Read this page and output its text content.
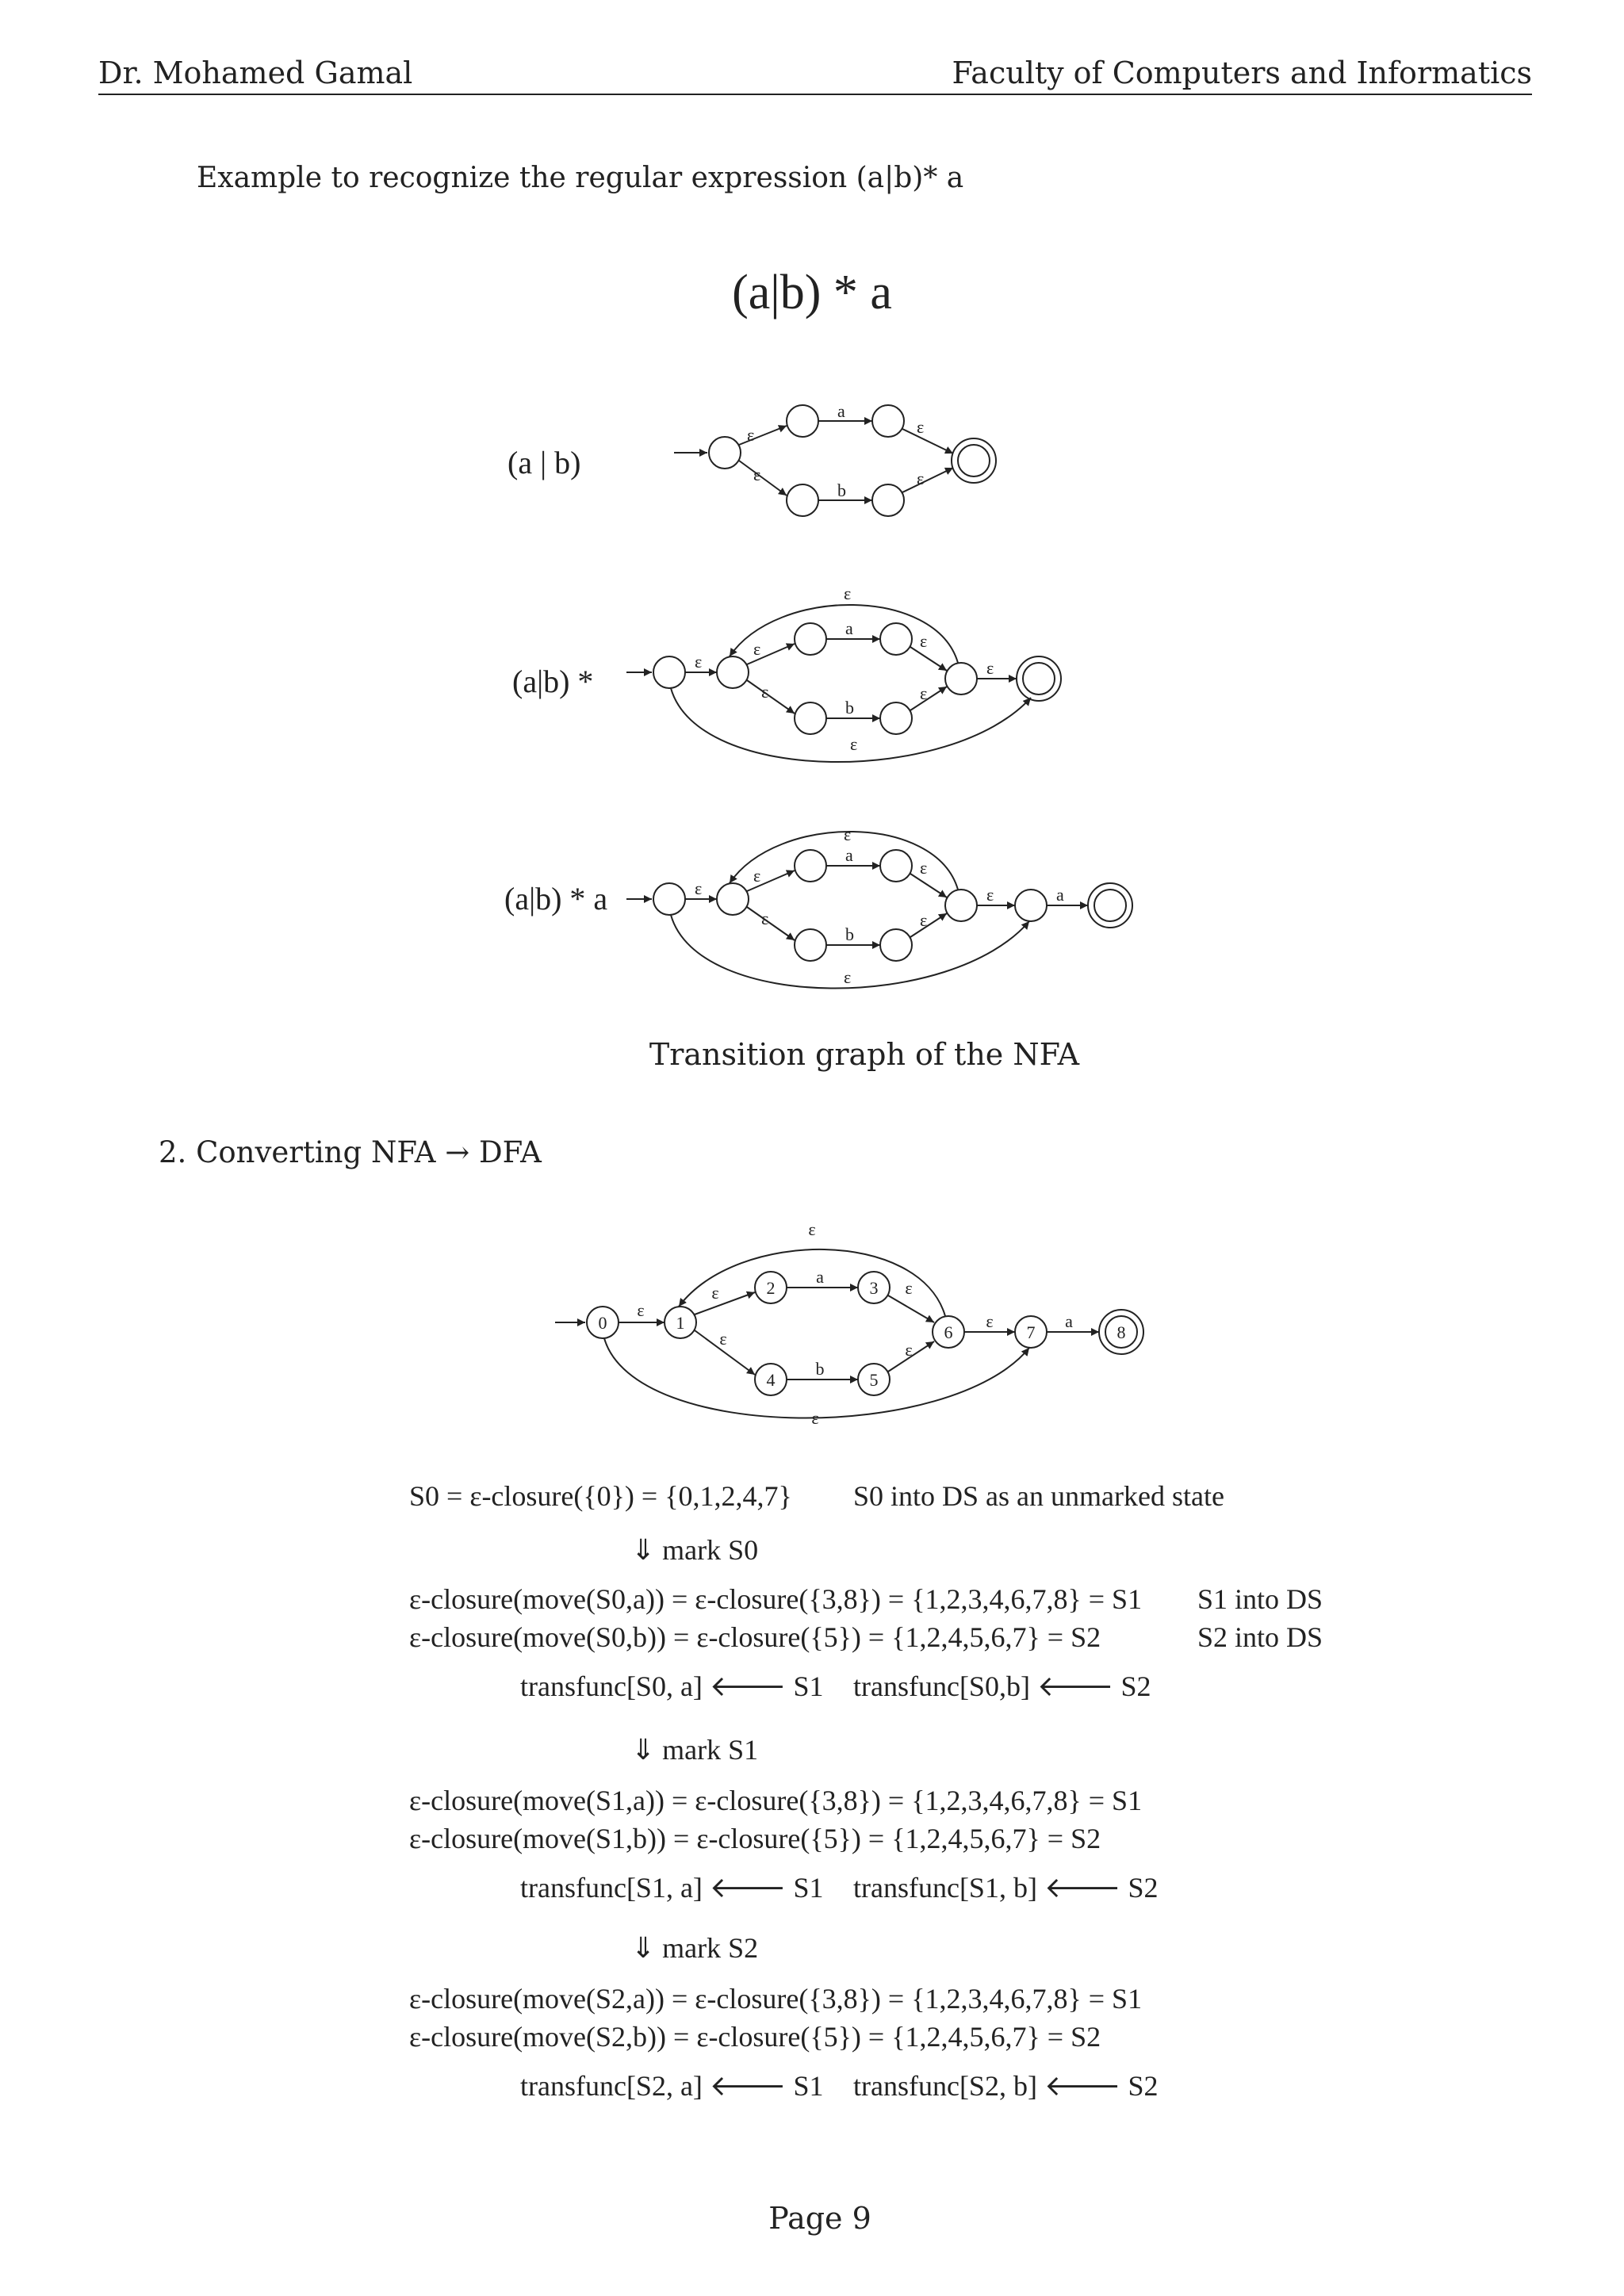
Dr. Mohamed Gamal	Faculty of Computers and Informatics
Example to recognize the regular expression (a|b)* a
(a|b) * a
(a | b)
(a|b) *
(a|b) * a
ε
ε
a
b
ε
ε
ε
ε
ε
ε
a
b
ε
ε
ε
ε
ε
ε
ε
ε
a
b
ε
ε
ε	a
ε
Transition graph of the NFA
2. Converting NFA → DFA
0	1
2	3
4	5
6	7	8
ε
ε
ε
ε
a
b
ε
ε
ε	a
ε
S0 = ε-closure({0}) = {0,1,2,4,7} S0 into DS as an unmarked state
⇓ mark S0
ε-closure(move(S0,a)) = ε-closure({3,8}) = {1,2,3,4,6,7,8} = S1
ε-closure(move(S0,b)) = ε-closure({5}) = {1,2,4,5,6,7} = S2
S1 into DS
S2 into DS
transfunc[S0, a] 🡐 S1 transfunc[S0,b] 🡐 S2
⇓ mark S1
ε-closure(move(S1,a)) = ε-closure({3,8}) = {1,2,3,4,6,7,8} = S1
ε-closure(move(S1,b)) = ε-closure({5}) = {1,2,4,5,6,7} = S2
transfunc[S1, a] 🡐 S1 transfunc[S1, b] 🡐 S2
⇓ mark S2
ε-closure(move(S2,a)) = ε-closure({3,8}) = {1,2,3,4,6,7,8} = S1
ε-closure(move(S2,b)) = ε-closure({5}) = {1,2,4,5,6,7} = S2
transfunc[S2, a] 🡐 S1 transfunc[S2, b] 🡐 S2
Page 9
